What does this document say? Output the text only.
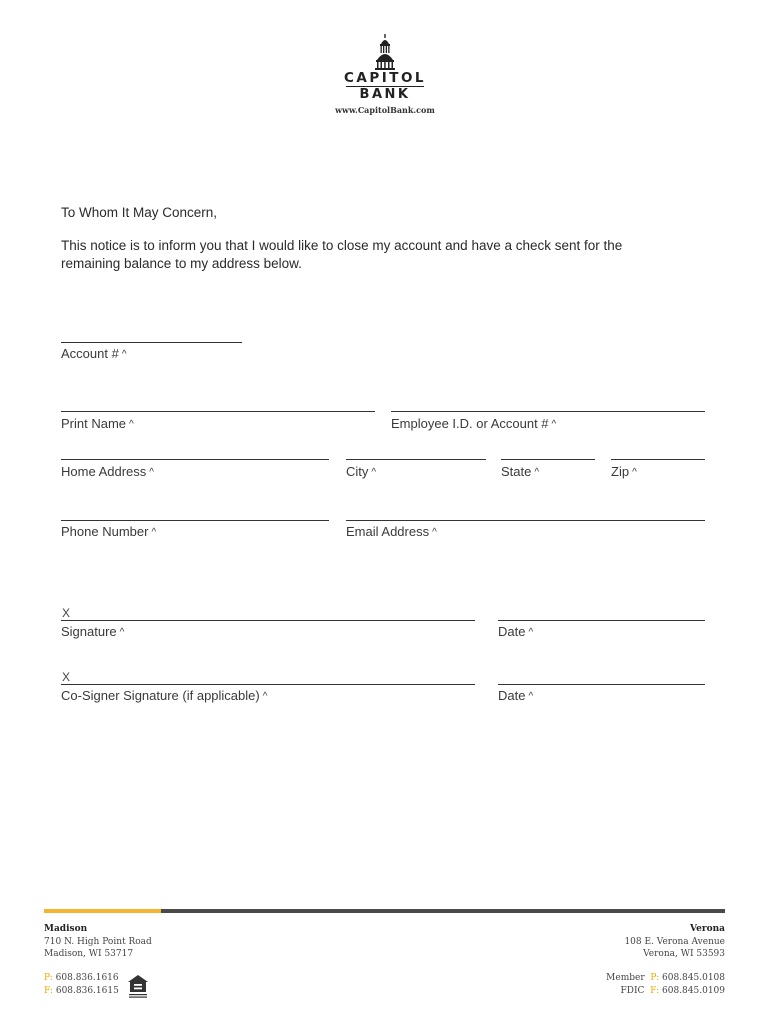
CAPITOL
BANK
www.CapitolBank.com
To Whom It May Concern,
This notice is to inform you that I would like to close my account and have a check sent for the
remaining balance to my address below.
Account # ^
Print Name ^	Employee I.D. or Account # ^
Home Address ^	City ^	State ^	Zip ^
Phone Number ^	Email Address ^
X
Signature ^	Date ^
X
Co-Signer Signature (if applicable) ^	Date ^
Madison
710 N. High Point Road
Madison, WI 53717
P: 608.836.1616
F: 608.836.1615
Verona
108 E. Verona Avenue
Verona, WI 53593
Member P: 608.845.0108
FDIC F: 608.845.0109
